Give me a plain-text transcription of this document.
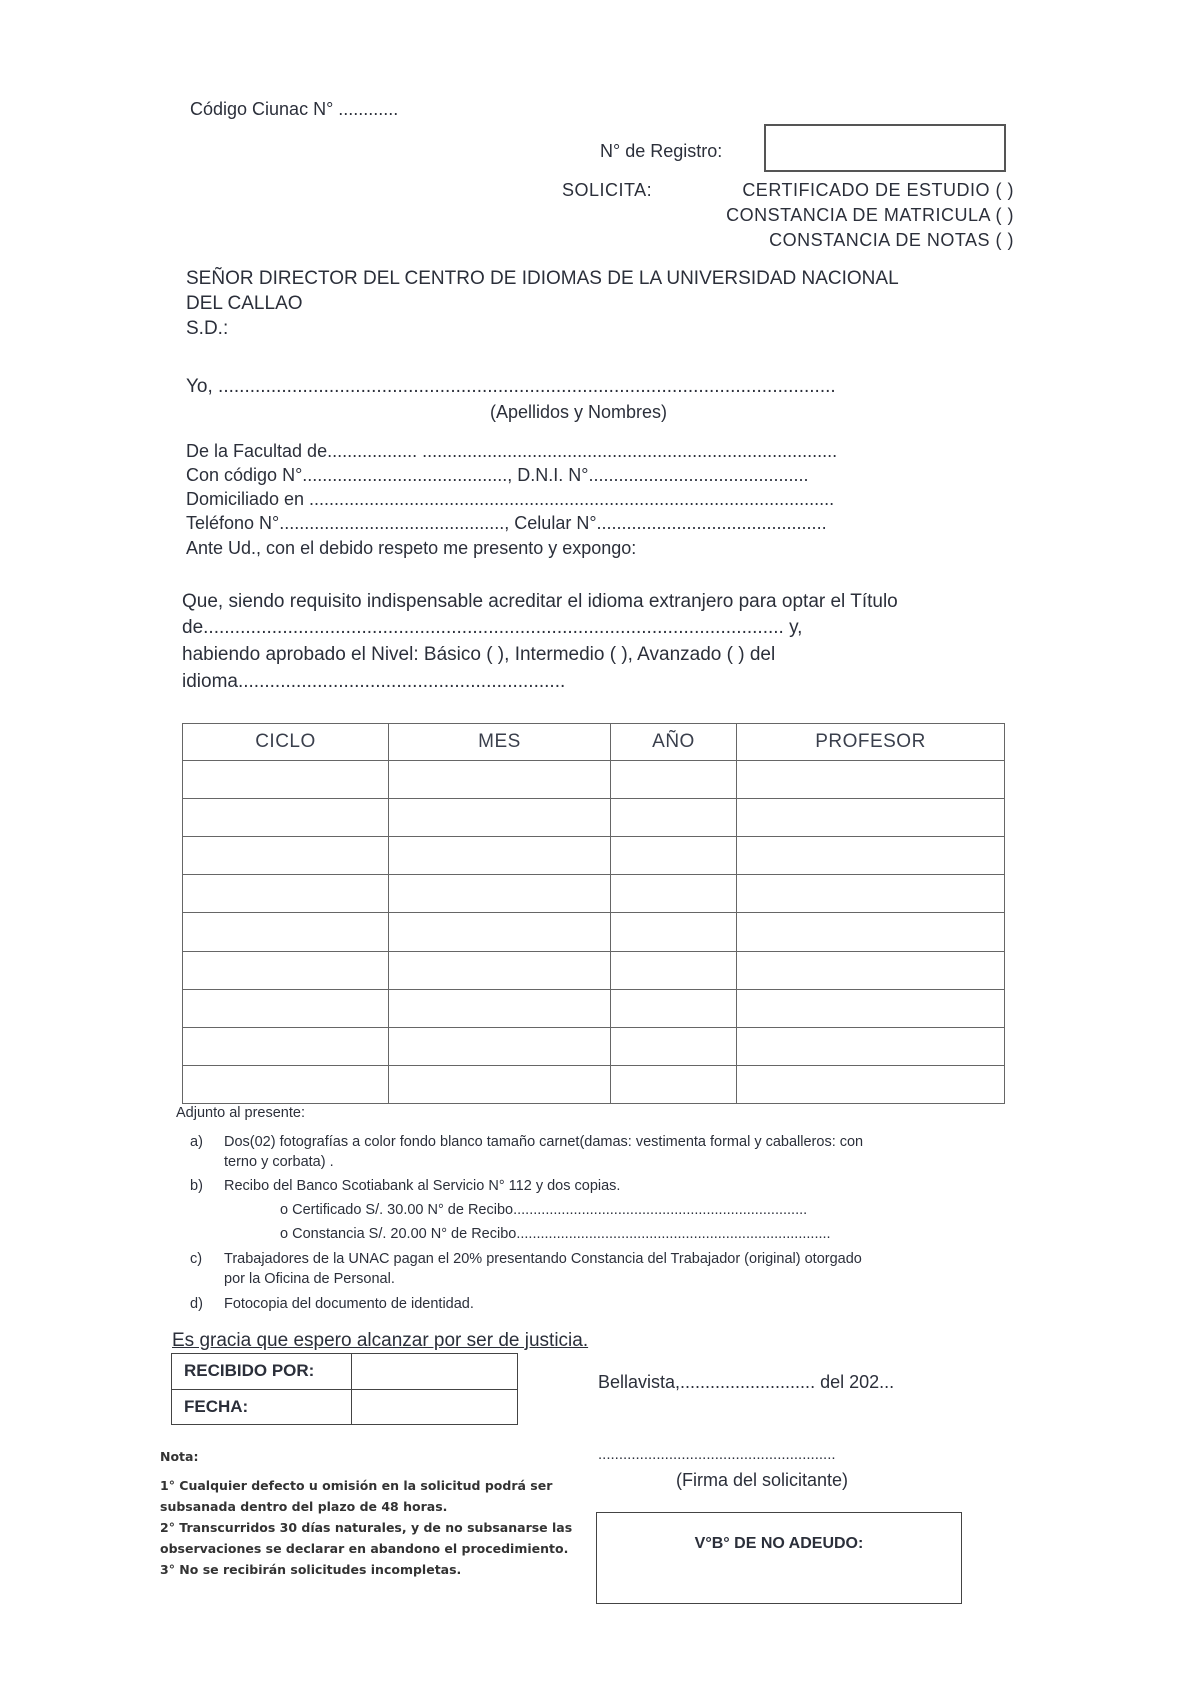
Código Ciunac N° ............
N° de Registro:
SOLICITA:	CERTIFICADO DE ESTUDIO ( )
CONSTANCIA DE MATRICULA ( )
CONSTANCIA DE NOTAS ( )
SEÑOR DIRECTOR DEL CENTRO DE IDIOMAS DE LA UNIVERSIDAD NACIONAL
DEL CALLAO
S.D.:
Yo, .....................................................................................................................
(Apellidos y Nombres)
De la Facultad de.................. ...................................................................................
Con código N°........................................., D.N.I. N°............................................
Domiciliado en .........................................................................................................
Teléfono N°............................................., Celular N°..............................................
Ante Ud., con el debido respeto me presento y expongo:
Que, siendo requisito indispensable acreditar el idioma extranjero para optar el Título
de.............................................................................................................. y,
habiendo aprobado el Nivel: Básico ( ), Intermedio ( ), Avanzado ( ) del
idioma..............................................................
CICLO	MES	AÑO	PROFESOR

Adjunto al presente:
a) Dos(02) fotografías a color fondo blanco tamaño carnet(damas: vestimenta formal y caballeros: con
terno y corbata) .
b) Recibo del Banco Scotiabank al Servicio N° 112 y dos copias.
o Certificado S/. 30.00 N° de Recibo.........................................................................
o Constancia S/. 20.00 N° de Recibo..............................................................................
c) Trabajadores de la UNAC pagan el 20% presentando Constancia del Trabajador (original) otorgado
por la Oficina de Personal.
d) Fotocopia del documento de identidad.
Es gracia que espero alcanzar por ser de justicia.
RECIBIDO POR:	
FECHA:	
Bellavista,........................... del 202...
.........................................................
(Firma del solicitante)
V°B° DE NO ADEUDO:
Nota:
1° Cualquier defecto u omisión en la solicitud podrá ser
subsanada dentro del plazo de 48 horas.
2° Transcurridos 30 días naturales, y de no subsanarse las
observaciones se declarar en abandono el procedimiento.
3° No se recibirán solicitudes incompletas.
